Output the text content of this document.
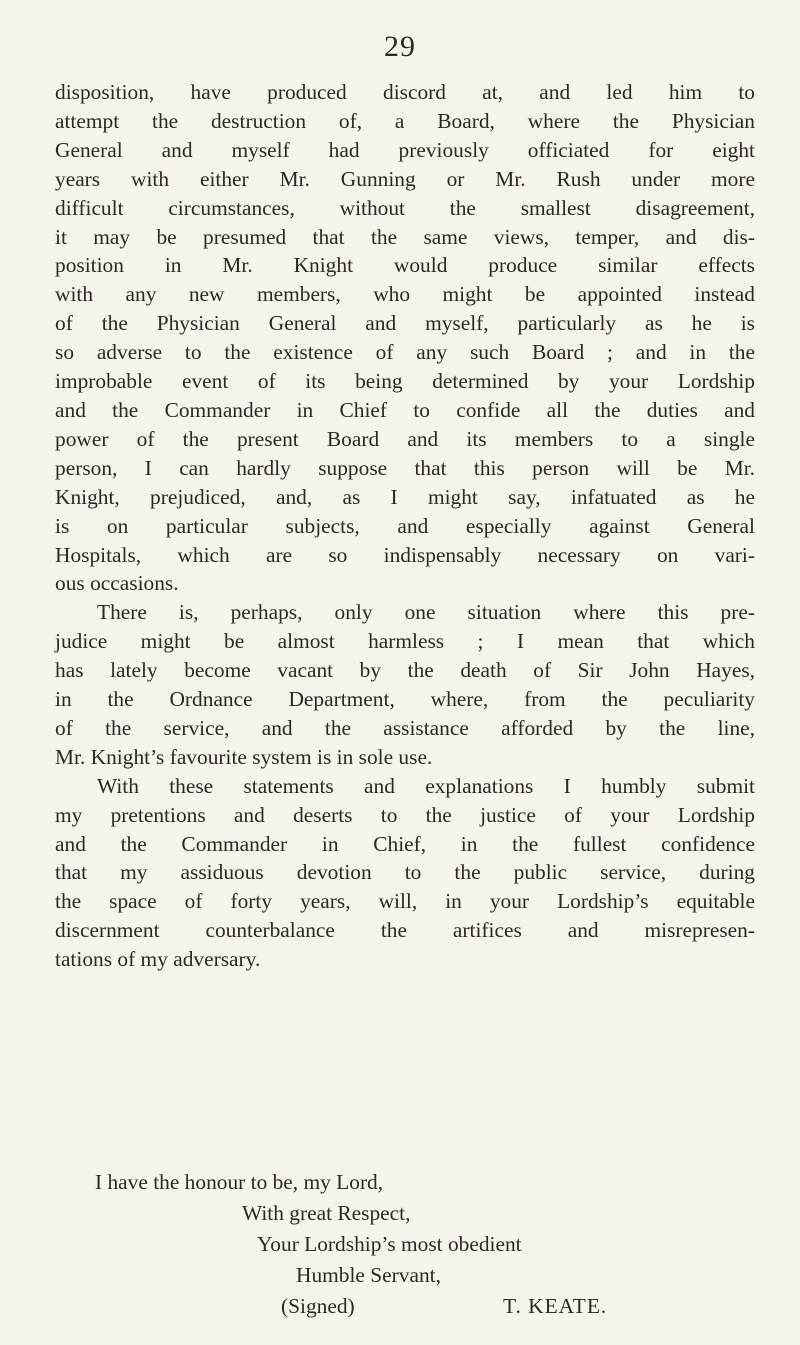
29
disposition, have produced discord at, and led him to
attempt the destruction of, a Board, where the Physician
General and myself had previously officiated for eight
years with either Mr. Gunning or Mr. Rush under more
difficult circumstances, without the smallest disagreement,
it may be presumed that the same views, temper, and dis-
position in Mr. Knight would produce similar effects
with any new members, who might be appointed instead
of the Physician General and myself, particularly as he is
so adverse to the existence of any such Board ; and in the
improbable event of its being determined by your Lordship
and the Commander in Chief to confide all the duties and
power of the present Board and its members to a single
person, I can hardly suppose that this person will be Mr.
Knight, prejudiced, and, as I might say, infatuated as he
is on particular subjects, and especially against General
Hospitals, which are so indispensably necessary on vari-
ous occasions.
There is, perhaps, only one situation where this pre-
judice might be almost harmless ; I mean that which
has lately become vacant by the death of Sir John Hayes,
in the Ordnance Department, where, from the peculiarity
of the service, and the assistance afforded by the line,
Mr. Knight’s favourite system is in sole use.
With these statements and explanations I humbly submit
my pretentions and deserts to the justice of your Lordship
and the Commander in Chief, in the fullest confidence
that my assiduous devotion to the public service, during
the space of forty years, will, in your Lordship’s equitable
discernment counterbalance the artifices and misrepresen-
tations of my adversary.
I have the honour to be, my Lord,
With great Respect,
Your Lordship’s most obedient
Humble Servant,
(Signed)	T. KEATE.
